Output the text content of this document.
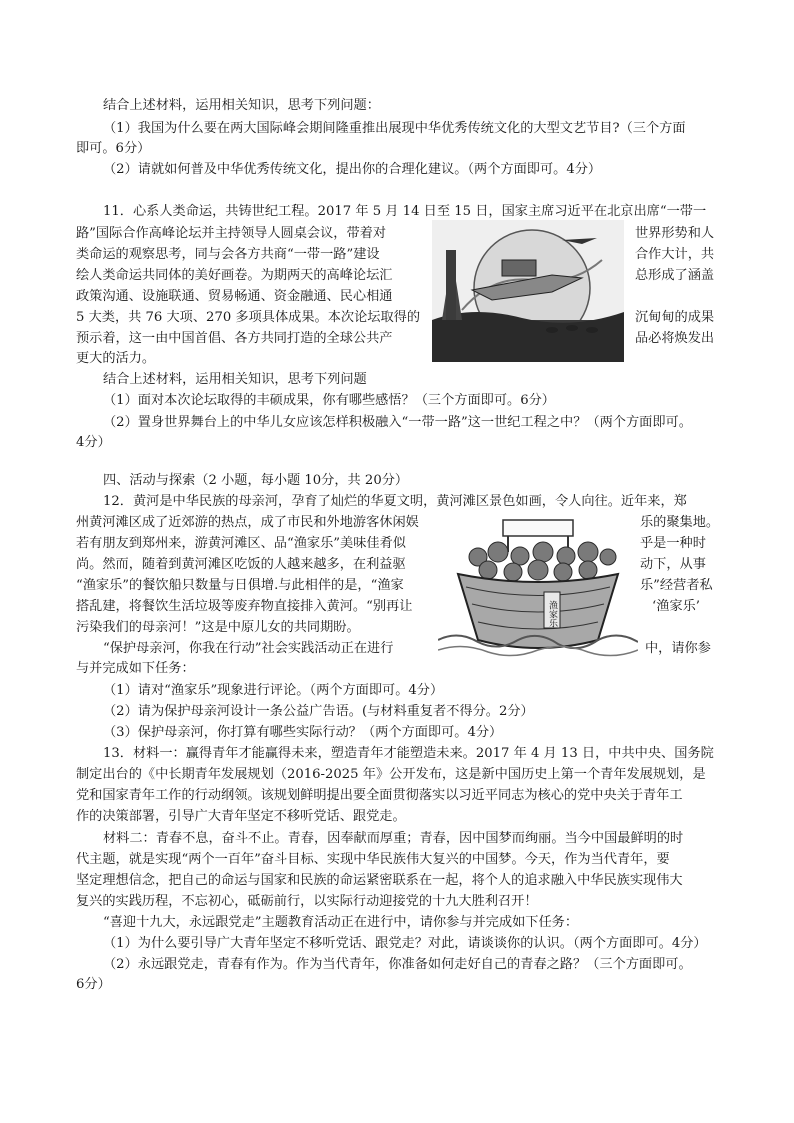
结合上述材料，运用相关知识，思考下列问题：
（1）我国为什么要在两大国际峰会期间隆重推出展现中华优秀传统文化的大型文艺节目?（三个方面
即可。6分）
（2）请就如何普及中华优秀传统文化，提出你的合理化建议。（两个方面即可。4分）
11．心系人类命运，共铸世纪工程。2017 年 5 月 14 日至 15 日，国家主席习近平在北京出席“一带一
路”国际合作高峰论坛并主持领导人圆桌会议，带着对	世界形势和人
类命运的观察思考，同与会各方共商“一带一路”建设	合作大计，共
绘人类命运共同体的美好画卷。为期两天的高峰论坛汇	总形成了涵盖
政策沟通、设施联通、贸易畅通、资金融通、民心相通
5 大类，共 76 大项、270 多项具体成果。本次论坛取得的	沉甸甸的成果
预示着，这一由中国首倡、各方共同打造的全球公共产	品必将焕发出
更大的活力。
结合上述材料，运用相关知识，思考下列问题
（1）面对本次论坛取得的丰硕成果，你有哪些感悟？（三个方面即可。6分）
（2）置身世界舞台上的中华儿女应该怎样积极融入“一带一路”这一世纪工程之中？（两个方面即可。
4分）
四、活动与探索（2 小题，每小题 10分，共 20分）
12．黄河是中华民族的母亲河，孕育了灿烂的华夏文明，黄河滩区景色如画，令人向往。近年来，郑
州黄河滩区成了近郊游的热点，成了市民和外地游客休闲娱	乐的聚集地。
若有朋友到郑州来，游黄河滩区、品“渔家乐”美味佳肴似	乎是一种时
尚。然而，随着到黄河滩区吃饭的人越来越多，在利益驱	动下，从事
“渔家乐”的餐饮船只数量与日俱增.与此相伴的是，“渔家	乐”经营者私
搭乱建，将餐饮生活垃圾等废弃物直接排入黄河。“别再让	‘渔家乐’
污染我们的母亲河！”这是中原儿女的共同期盼。
“保护母亲河，你我在行动”社会实践活动正在进行	中，请你参
与并完成如下任务：
（1）请对“渔家乐”现象进行评论。（两个方面即可。4分）
（2）请为保护母亲河设计一条公益广告语。(与材料重复者不得分。2分）
（3）保护母亲河，你打算有哪些实际行动？（两个方面即可。4分）
渔家乐
13．材料一：赢得青年才能赢得未来，塑造青年才能塑造未来。2017 年 4 月 13 日，中共中央、国务院
制定出台的《中长期青年发展规划（2016-2025 年》公开发布，这是新中国历史上第一个青年发展规划，是
党和国家青年工作的行动纲领。该规划鲜明提出要全面贯彻落实以习近平同志为核心的党中央关于青年工
作的决策部署，引导广大青年坚定不移听党话、跟党走。
材料二：青春不息，奋斗不止。青春，因奉献而厚重；青春，因中国梦而绚丽。当今中国最鲜明的时
代主题，就是实现“两个一百年”奋斗目标、实现中华民族伟大复兴的中国梦。今天，作为当代青年，要
坚定理想信念，把自己的命运与国家和民族的命运紧密联系在一起，将个人的追求融入中华民族实现伟大
复兴的实践历程，不忘初心，砥砺前行，以实际行动迎接党的十九大胜利召开！
“喜迎十九大，永远跟党走”主题教育活动正在进行中，请你参与并完成如下任务：
（1）为什么要引导广大青年坚定不移听党话、跟党走？对此，请谈谈你的认识。（两个方面即可。4分）
（2）永远跟党走，青春有作为。作为当代青年，你准备如何走好自己的青春之路？（三个方面即可。
6分）
